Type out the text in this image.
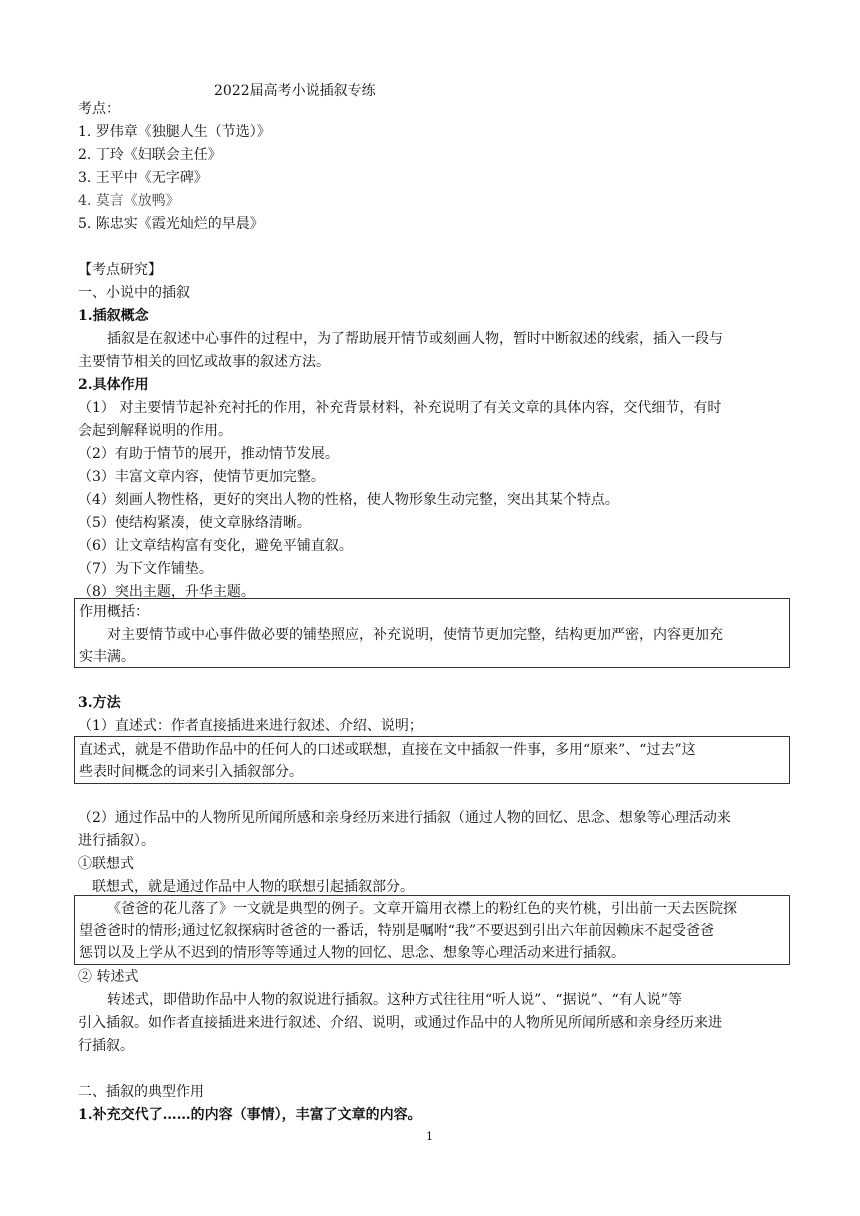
2022届高考小说插叙专练
考点：
1. 罗伟章《独腿人生（节选）》
2. 丁玲《妇联会主任》
3. 王平中《无字碑》
4. 莫言《放鸭》
5. 陈忠实《霞光灿烂的早晨》
【考点研究】
一、小说中的插叙
1.插叙概念
插叙是在叙述中心事件的过程中，为了帮助展开情节或刻画人物，暂时中断叙述的线索，插入一段与
主要情节相关的回忆或故事的叙述方法。
2.具体作用
（1） 对主要情节起补充衬托的作用，补充背景材料，补充说明了有关文章的具体内容，交代细节，有时
会起到解释说明的作用。
（2）有助于情节的展开，推动情节发展。
（3）丰富文章内容，使情节更加完整。
（4）刻画人物性格，更好的突出人物的性格，使人物形象生动完整，突出其某个特点。
（5）使结构紧凑，使文章脉络清晰。
（6）让文章结构富有变化，避免平铺直叙。
（7）为下文作铺垫。
（8）突出主题，升华主题。
作用概括：
对主要情节或中心事件做必要的铺垫照应，补充说明，使情节更加完整，结构更加严密，内容更加充
实丰满。
3.方法
（1）直述式：作者直接插进来进行叙述、介绍、说明；
直述式，就是不借助作品中的任何人的口述或联想，直接在文中插叙一件事，多用“原来”、“过去”这
些表时间概念的词来引入插叙部分。
（2）通过作品中的人物所见所闻所感和亲身经历来进行插叙（通过人物的回忆、思念、想象等心理活动来
进行插叙）。
①联想式
联想式，就是通过作品中人物的联想引起插叙部分。
《爸爸的花儿落了》一文就是典型的例子。文章开篇用衣襟上的粉红色的夹竹桃，引出前一天去医院探
望爸爸时的情形;通过忆叙探病时爸爸的一番话，特别是嘱咐“我”不要迟到引出六年前因赖床不起受爸爸
惩罚以及上学从不迟到的情形等等通过人物的回忆、思念、想象等心理活动来进行插叙。
② 转述式
转述式，即借助作品中人物的叙说进行插叙。这种方式往往用“听人说”、“据说”、“有人说”等
引入插叙。如作者直接插进来进行叙述、介绍、说明，或通过作品中的人物所见所闻所感和亲身经历来进
行插叙。
二、插叙的典型作用
1.补充交代了……的内容（事情），丰富了文章的内容。
1
